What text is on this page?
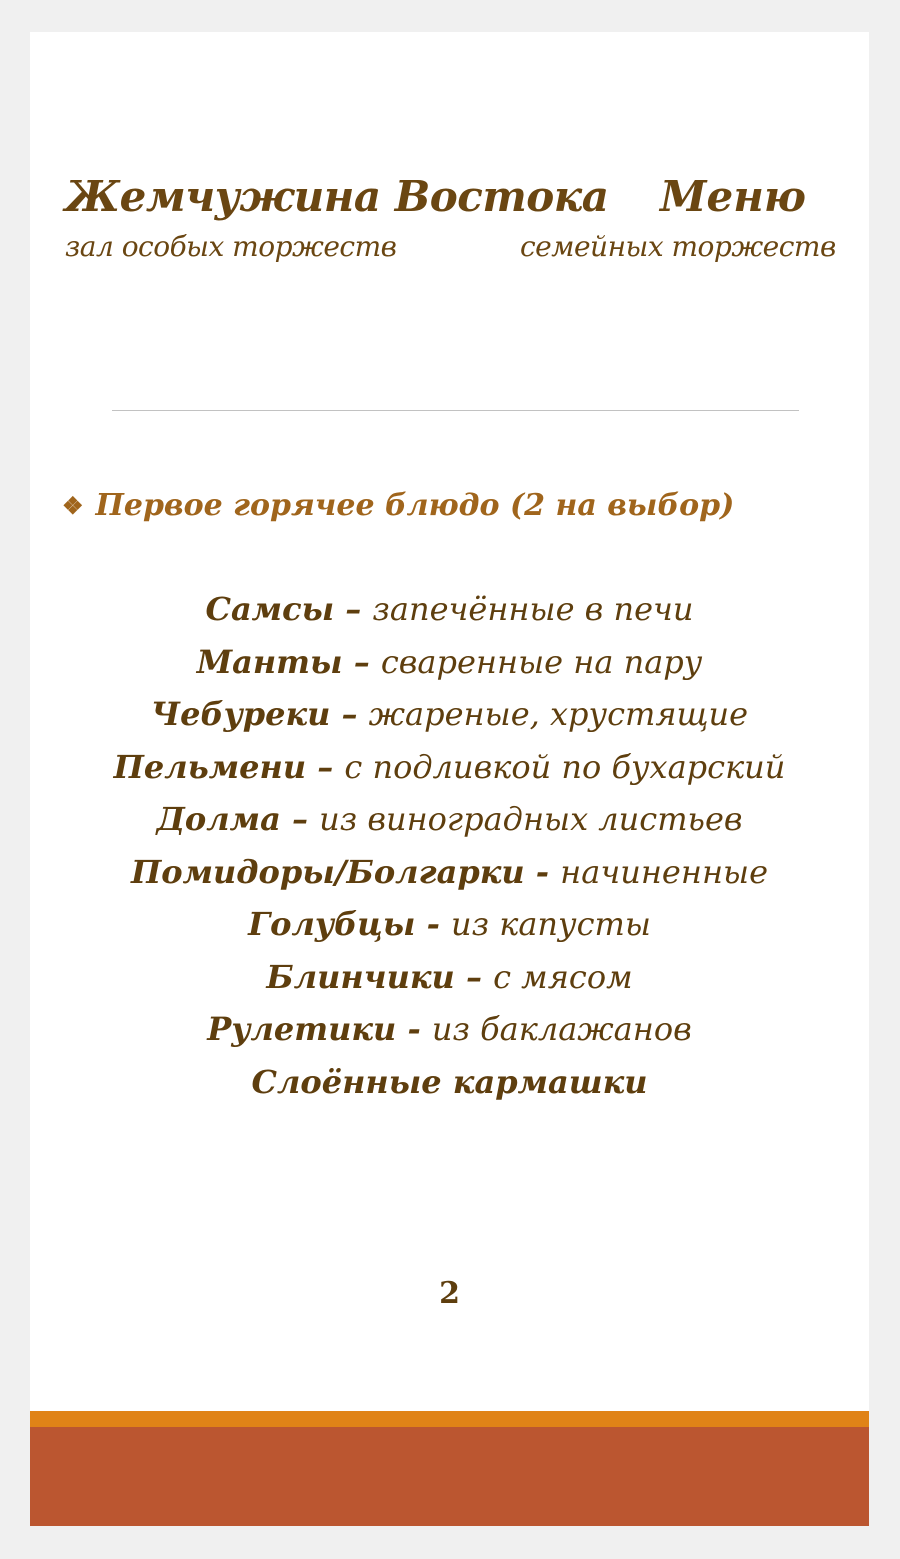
Жемчужина Востока Меню
зал особых торжеств	семейных торжеств
❖ Первое горячее блюдо (2 на выбор)
Самсы – запечённые в печи
Манты – сваренные на пару
Чебуреки – жареные, хрустящие
Пельмени – с подливкой по бухарский
Долма – из виноградных листьев
Помидоры/Болгарки - начиненные
Голубцы - из капусты
Блинчики – с мясом
Рулетики - из баклажанов
Слоённые кармашки
2
